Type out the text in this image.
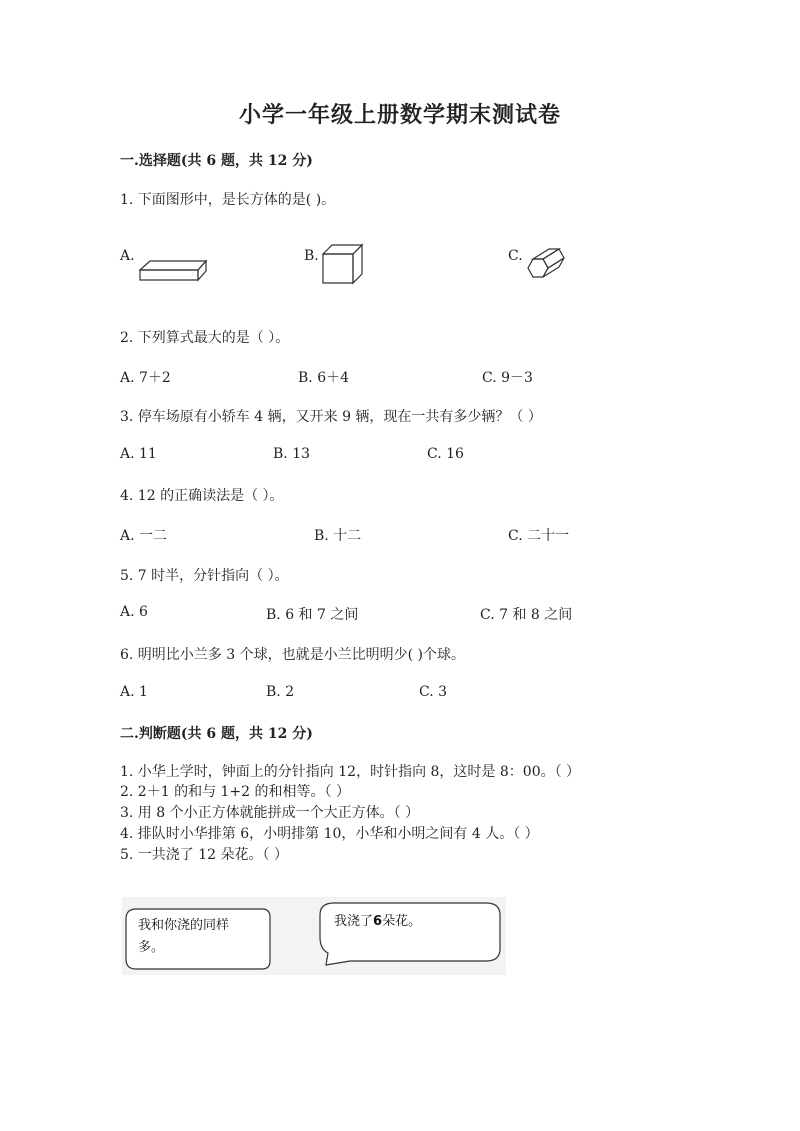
小学一年级上册数学期末测试卷
一.选择题(共 6 题，共 12 分)
1. 下面图形中，是长方体的是( )。
A.	B.	C.
2. 下列算式最大的是（ ）。
A. 7＋2	B. 6＋4	C. 9－3
3. 停车场原有小轿车 4 辆，又开来 9 辆，现在一共有多少辆？（ ）
A. 11	B. 13	C. 16
4. 12 的正确读法是（ ）。
A. 一二	B. 十二	C. 二十一
5. 7 时半，分针指向（ ）。
A. 6	B. 6 和 7 之间	C. 7 和 8 之间
6. 明明比小兰多 3 个球，也就是小兰比明明少( )个球。
A. 1	B. 2	C. 3
二.判断题(共 6 题，共 12 分)
1. 小华上学时，钟面上的分针指向 12，时针指向 8，这时是 8：00。（ ）
2. 2＋1 的和与 1+2 的和相等。（ ）
3. 用 8 个小正方体就能拼成一个大正方体。（ ）
4. 排队时小华排第 6，小明排第 10，小华和小明之间有 4 人。（ ）
5. 一共浇了 12 朵花。（ ）
我和你浇的同样
多。
我浇了6朵花。
